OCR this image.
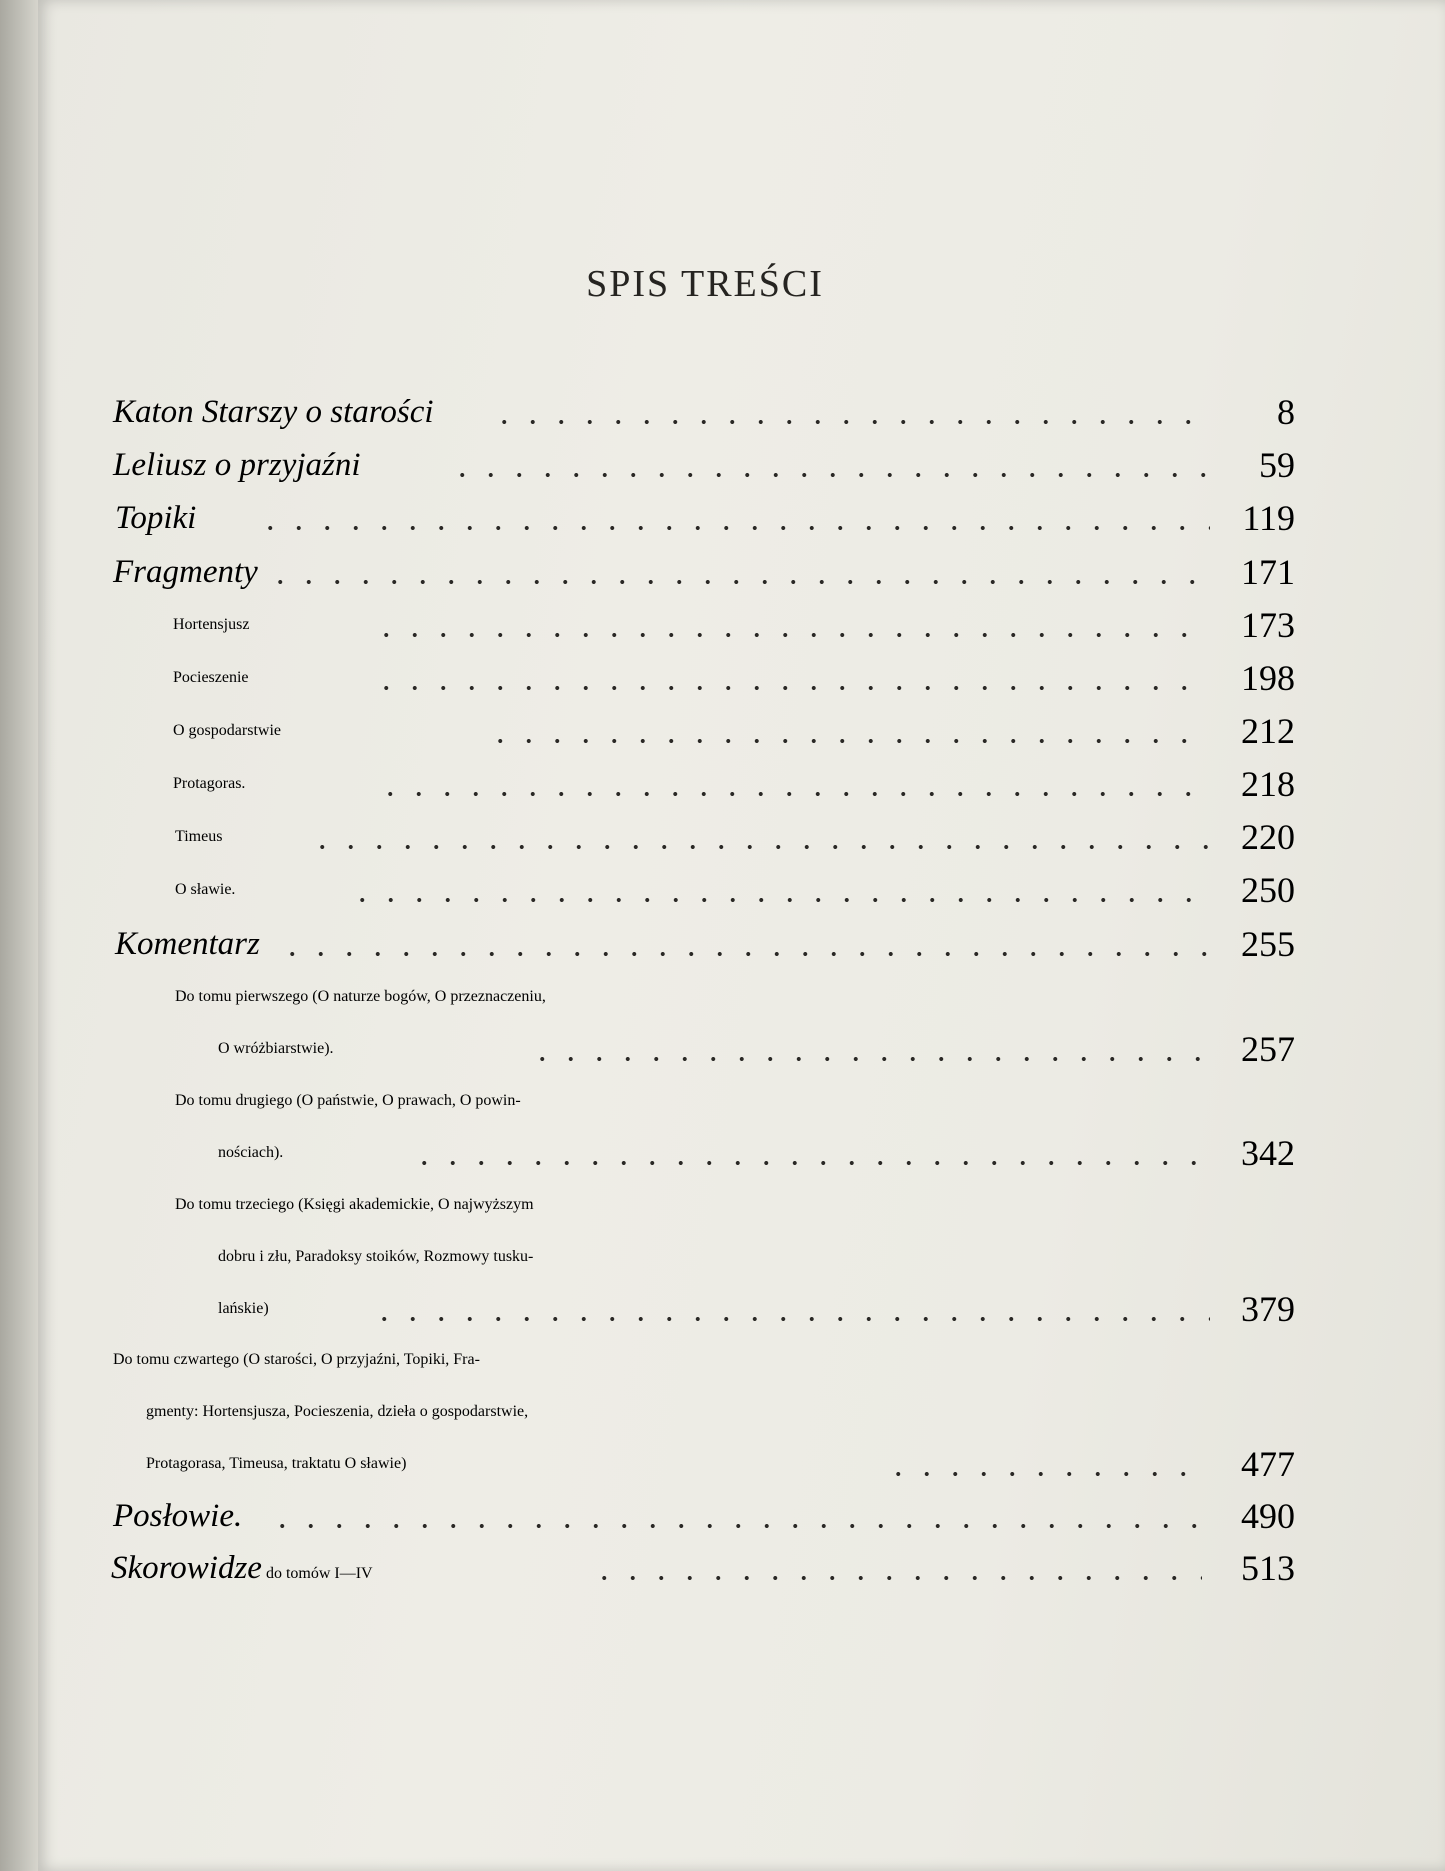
SPIS TREŚCI
Katon Starszy o starości	8
Leliusz o przyjaźni	59
Topiki	119
Fragmenty	171
Hortensjusz	173
Pocieszenie	198
O gospodarstwie	212
Protagoras.	218
Timeus	220
O sławie.	250
Komentarz	255
Do tomu pierwszego (O naturze bogów, O przeznaczeniu,
O wróżbiarstwie).	257
Do tomu drugiego (O państwie, O prawach, O powin-
nościach).	342
Do tomu trzeciego (Księgi akademickie, O najwyższym
dobru i złu, Paradoksy stoików, Rozmowy tusku-
lańskie)	379
Do tomu czwartego (O starości, O przyjaźni, Topiki, Fra-
gmenty: Hortensjusza, Pocieszenia, dzieła o gospodarstwie,
Protagorasa, Timeusa, traktatu O sławie)	477
Posłowie.	490
Skorowidze do tomów I—IV	513
